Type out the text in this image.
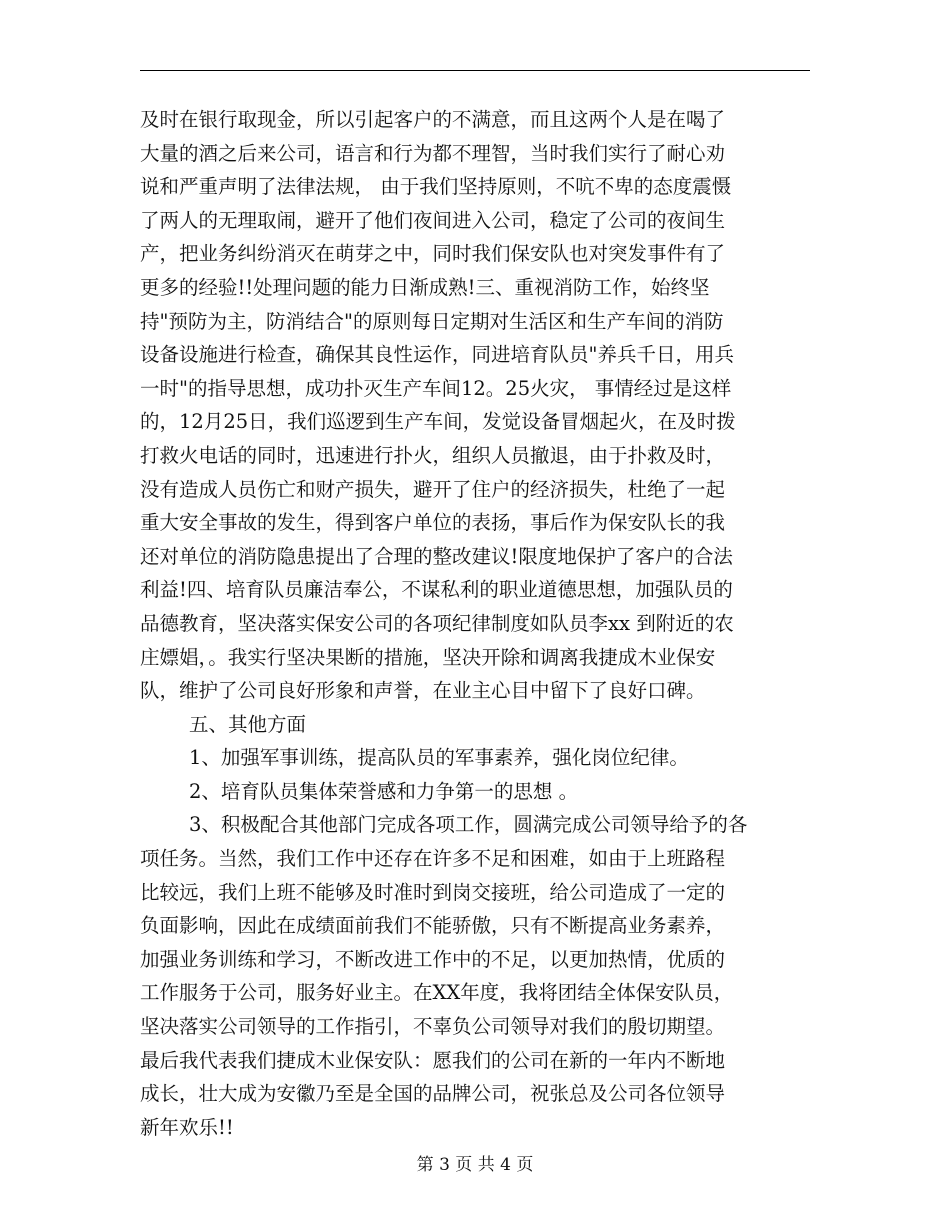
及时在银行取现金，所以引起客户的不满意，而且这两个人是在喝了
大量的酒之后来公司，语言和行为都不理智，当时我们实行了耐心劝
说和严重声明了法律法规， 由于我们坚持原则，不吭不卑的态度震慑
了两人的无理取闹，避开了他们夜间进入公司，稳定了公司的夜间生
产，把业务纠纷消灭在萌芽之中，同时我们保安队也对突发事件有了
更多的经验!!处理问题的能力日渐成熟!三、重视消防工作，始终坚
持"预防为主，防消结合"的原则每日定期对生活区和生产车间的消防
设备设施进行检查，确保其良性运作，同进培育队员"养兵千日，用兵
一时"的指导思想，成功扑灭生产车间12。25火灾， 事情经过是这样
的，12月25日，我们巡逻到生产车间，发觉设备冒烟起火，在及时拨
打救火电话的同时，迅速进行扑火，组织人员撤退，由于扑救及时，
没有造成人员伤亡和财产损失，避开了住户的经济损失，杜绝了一起
重大安全事故的发生，得到客户单位的表扬，事后作为保安队长的我
还对单位的消防隐患提出了合理的整改建议!限度地保护了客户的合法
利益!四、培育队员廉洁奉公，不谋私利的职业道德思想，加强队员的
品德教育，坚决落实保安公司的各项纪律制度如队员李xx 到附近的农
庄嫖娼，。我实行坚决果断的措施，坚决开除和调离我捷成木业保安
队，维护了公司良好形象和声誉，在业主心目中留下了良好口碑。
五、其他方面
1、加强军事训练，提高队员的军事素养，强化岗位纪律。
2、培育队员集体荣誉感和力争第一的思想 。
3、积极配合其他部门完成各项工作，圆满完成公司领导给予的各
项任务。当然，我们工作中还存在许多不足和困难，如由于上班路程
比较远，我们上班不能够及时准时到岗交接班，给公司造成了一定的
负面影响，因此在成绩面前我们不能骄傲，只有不断提高业务素养，
加强业务训练和学习，不断改进工作中的不足，以更加热情，优质的
工作服务于公司，服务好业主。在XX年度，我将团结全体保安队员，
坚决落实公司领导的工作指引，不辜负公司领导对我们的殷切期望。
最后我代表我们捷成木业保安队：愿我们的公司在新的一年内不断地
成长，壮大成为安徽乃至是全国的品牌公司，祝张总及公司各位领导
新年欢乐!!
第 3 页 共 4 页
